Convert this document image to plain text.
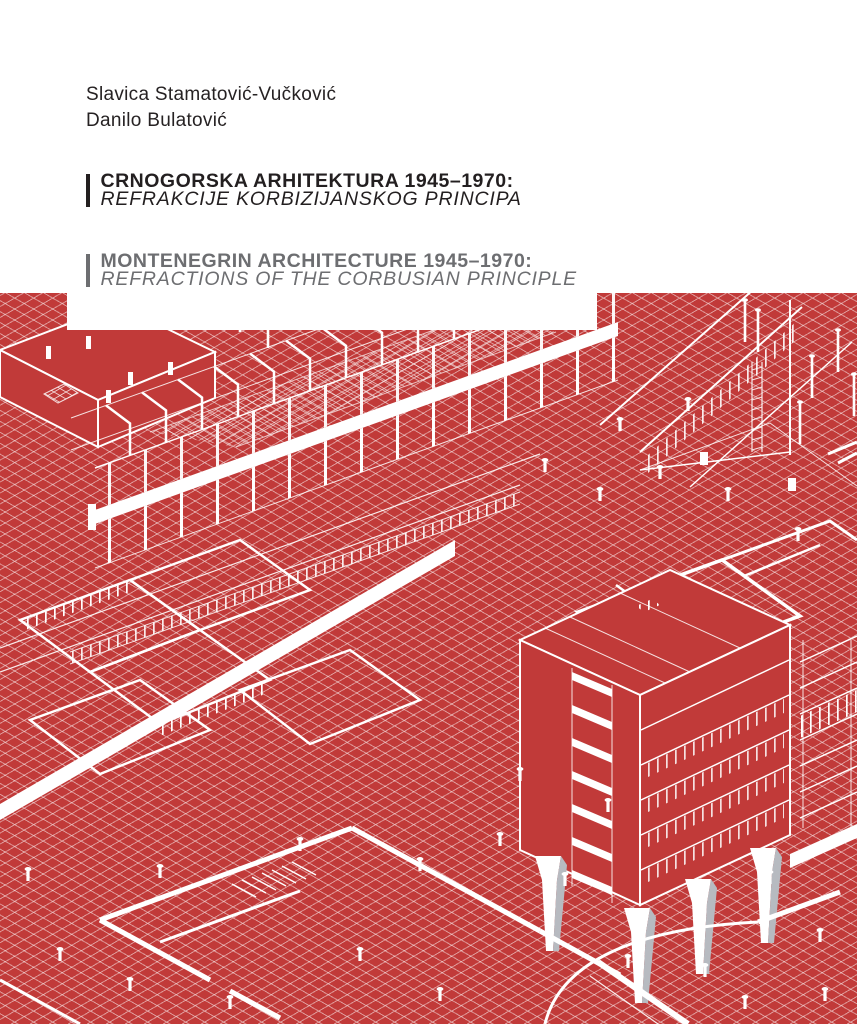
Slavica Stamatović-Vučković
Danilo Bulatović
CRNOGORSKA ARHITEKTURA 1945–1970:
REFRAKCIJE KORBIZIJANSKOG PRINCIPA
MONTENEGRIN ARCHITECTURE 1945–1970:
REFRACTIONS OF THE CORBUSIAN PRINCIPLE
